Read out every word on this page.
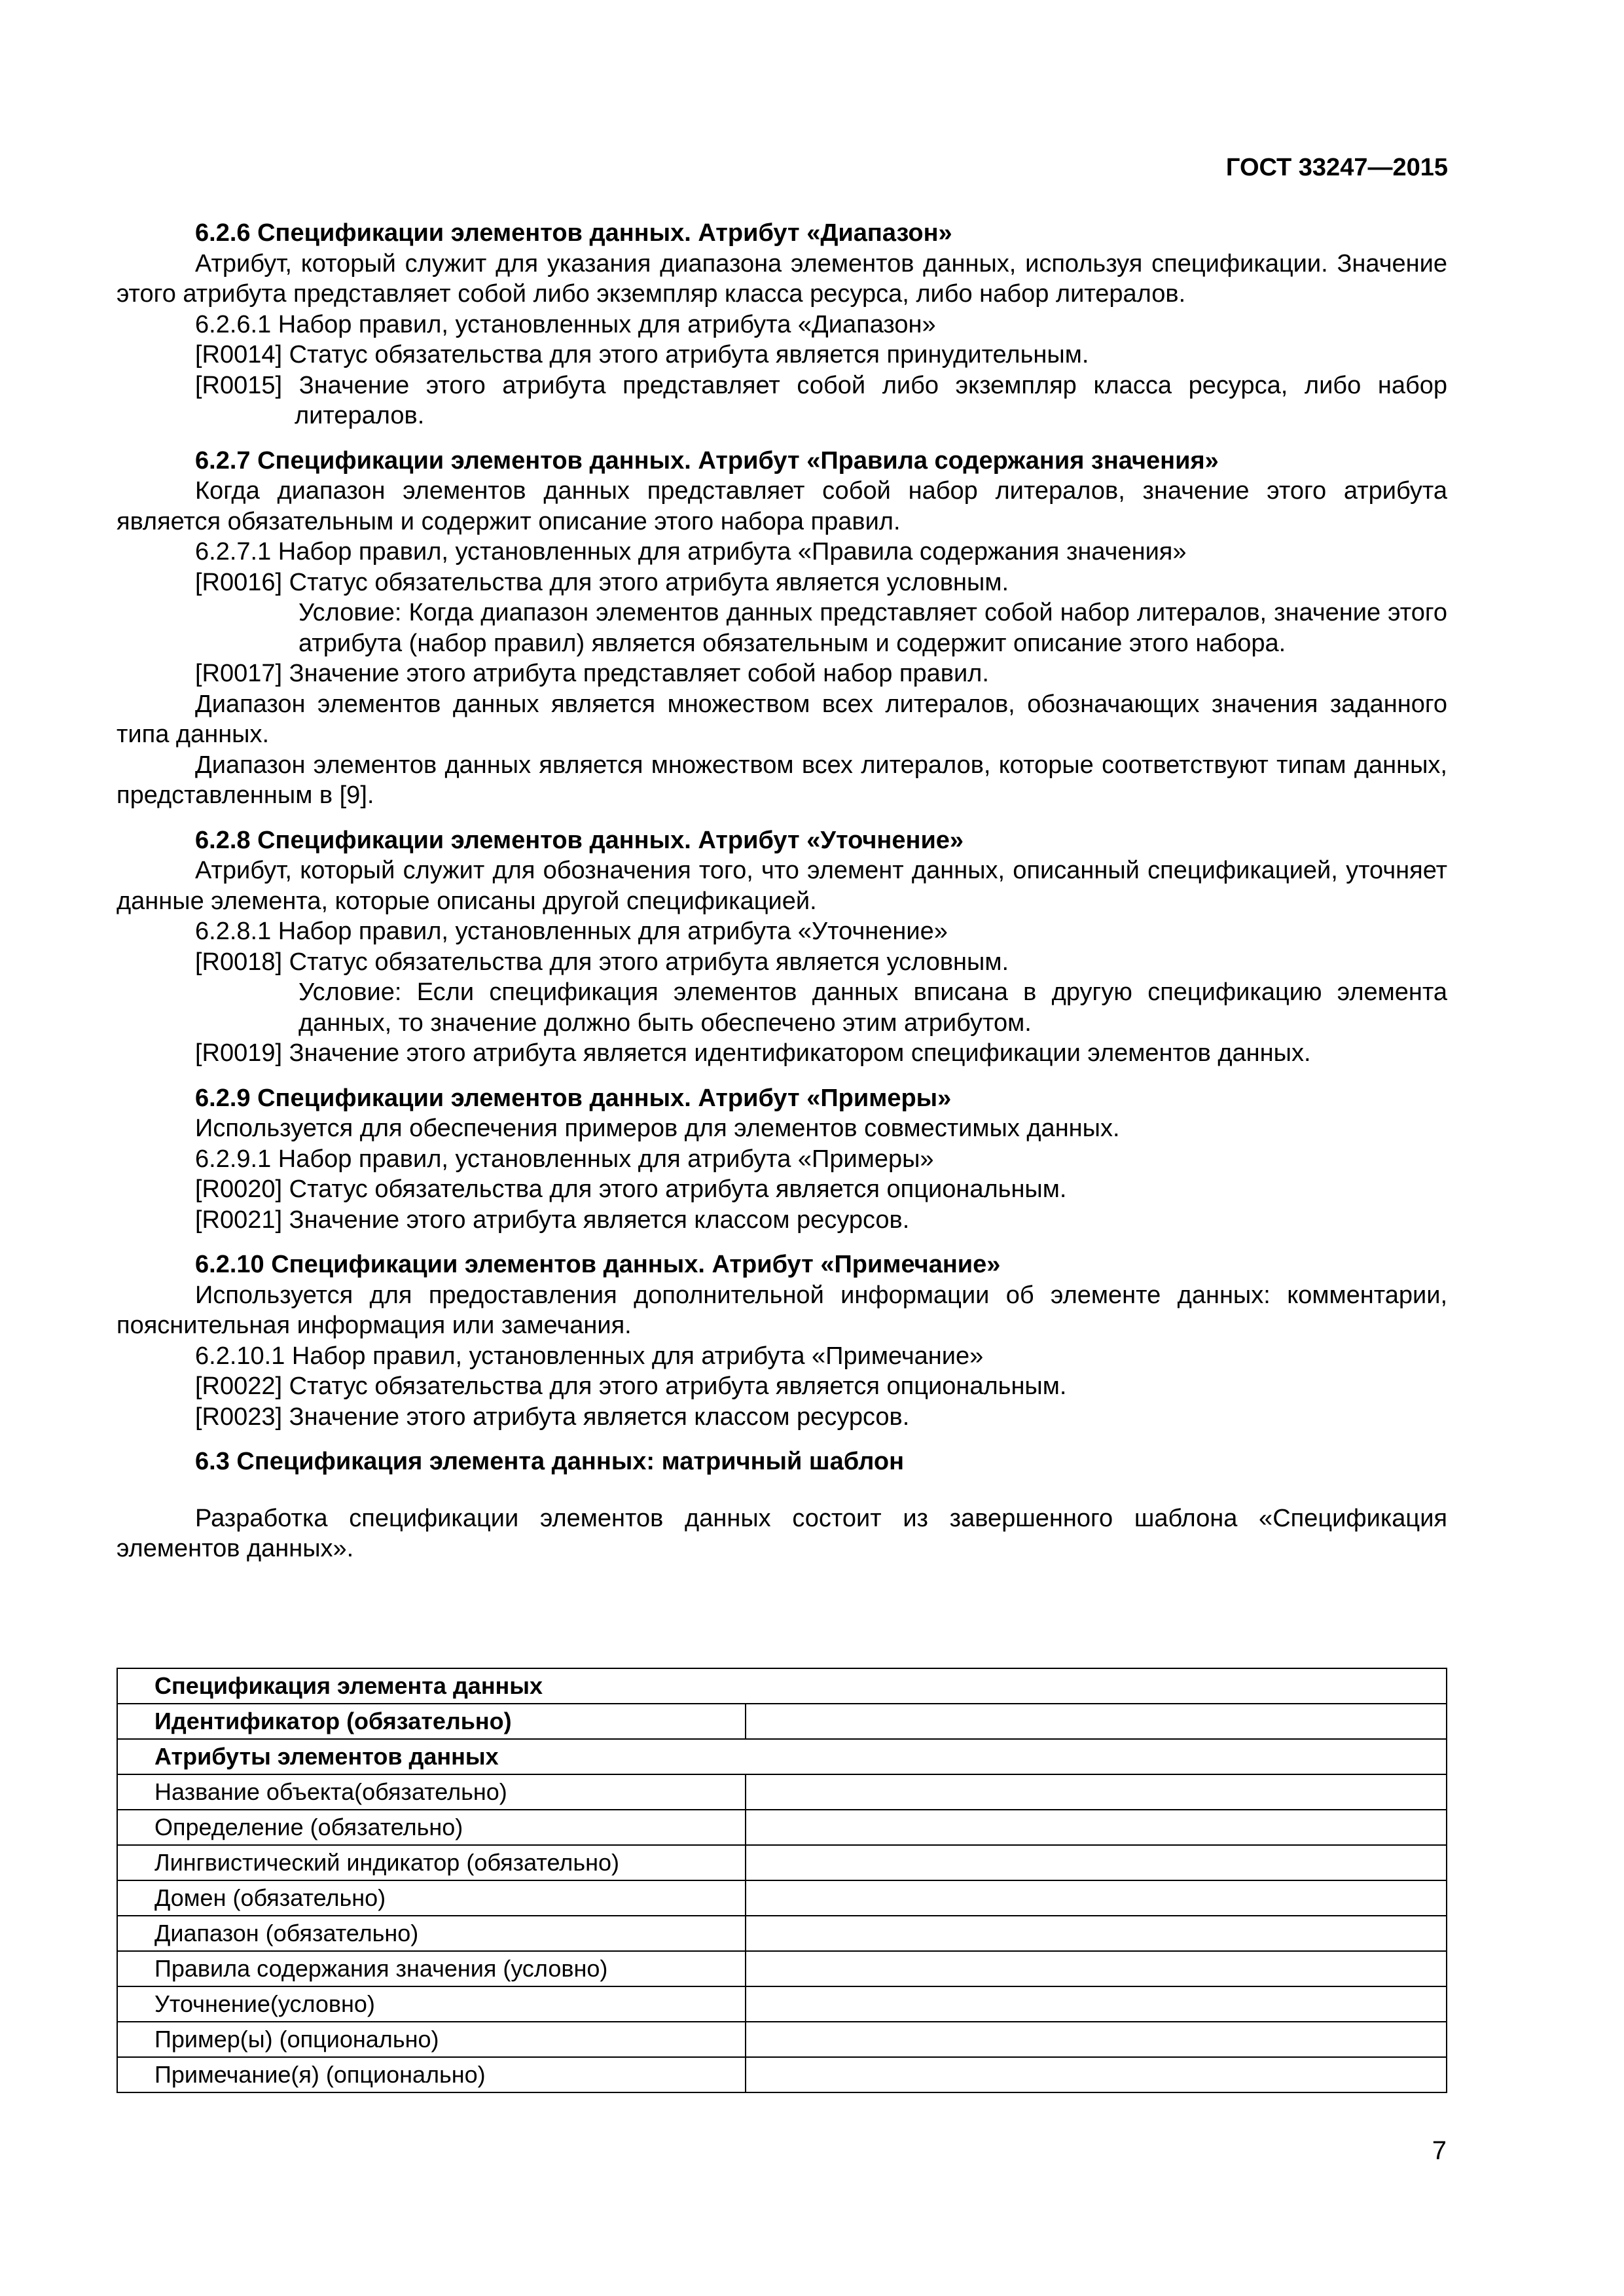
ГОСТ 33247—2015

6.2.6 Спецификации элементов данных. Атрибут «Диапазон»

Атрибут, который служит для указания диапазона элементов данных, используя спецификации. Значение этого атрибута представляет собой либо экземпляр класса ресурса, либо набор литералов.

6.2.6.1 Набор правил, установленных для атрибута «Диапазон»

[R0014] Статус обязательства для этого атрибута является принудительным.

[R0015] Значение этого атрибута представляет собой либо экземпляр класса ресурса, либо набор литералов.

6.2.7 Спецификации элементов данных. Атрибут «Правила содержания значения»

Когда диапазон элементов данных представляет собой набор литералов, значение этого атрибута является обязательным и содержит описание этого набора правил.

6.2.7.1 Набор правил, установленных для атрибута «Правила содержания значения»

[R0016] Статус обязательства для этого атрибута является условным.

Условие: Когда диапазон элементов данных представляет собой набор литералов, значение этого атрибута (набор правил) является обязательным и содержит описание этого набора.

[R0017] Значение этого атрибута представляет собой набор правил.

Диапазон элементов данных является множеством всех литералов, обозначающих значения заданного типа данных.

Диапазон элементов данных является множеством всех литералов, которые соответствуют типам данных, представленным в [9].

6.2.8 Спецификации элементов данных. Атрибут «Уточнение»

Атрибут, который служит для обозначения того, что элемент данных, описанный спецификацией, уточняет данные элемента, которые описаны другой спецификацией.

6.2.8.1 Набор правил, установленных для атрибута «Уточнение»

[R0018] Статус обязательства для этого атрибута является условным.

Условие: Если спецификация элементов данных вписана в другую спецификацию элемента данных, то значение должно быть обеспечено этим атрибутом.

[R0019] Значение этого атрибута является идентификатором спецификации элементов данных.

6.2.9 Спецификации элементов данных. Атрибут «Примеры»

Используется для обеспечения примеров для элементов совместимых данных.

6.2.9.1 Набор правил, установленных для атрибута «Примеры»

[R0020] Статус обязательства для этого атрибута является опциональным.

[R0021] Значение этого атрибута является классом ресурсов.

6.2.10 Спецификации элементов данных. Атрибут «Примечание»

Используется для предоставления дополнительной информации об элементе данных: комментарии, пояснительная информация или замечания.

6.2.10.1 Набор правил, установленных для атрибута «Примечание»

[R0022] Статус обязательства для этого атрибута является опциональным.

[R0023] Значение этого атрибута является классом ресурсов.

6.3 Спецификация элемента данных: матричный шаблон

Разработка спецификации элементов данных состоит из завершенного шаблона «Спецификация элементов данных».

Спецификация элемента данных	
Идентификатор (обязательно)	
Атрибуты элементов данных	
Название объекта(обязательно)	
Определение (обязательно)	
Лингвистический индикатор (обязательно)	
Домен (обязательно)	
Диапазон (обязательно)	
Правила содержания значения (условно)	
Уточнение(условно)	
Пример(ы) (опционально)	
Примечание(я) (опционально)	
7
